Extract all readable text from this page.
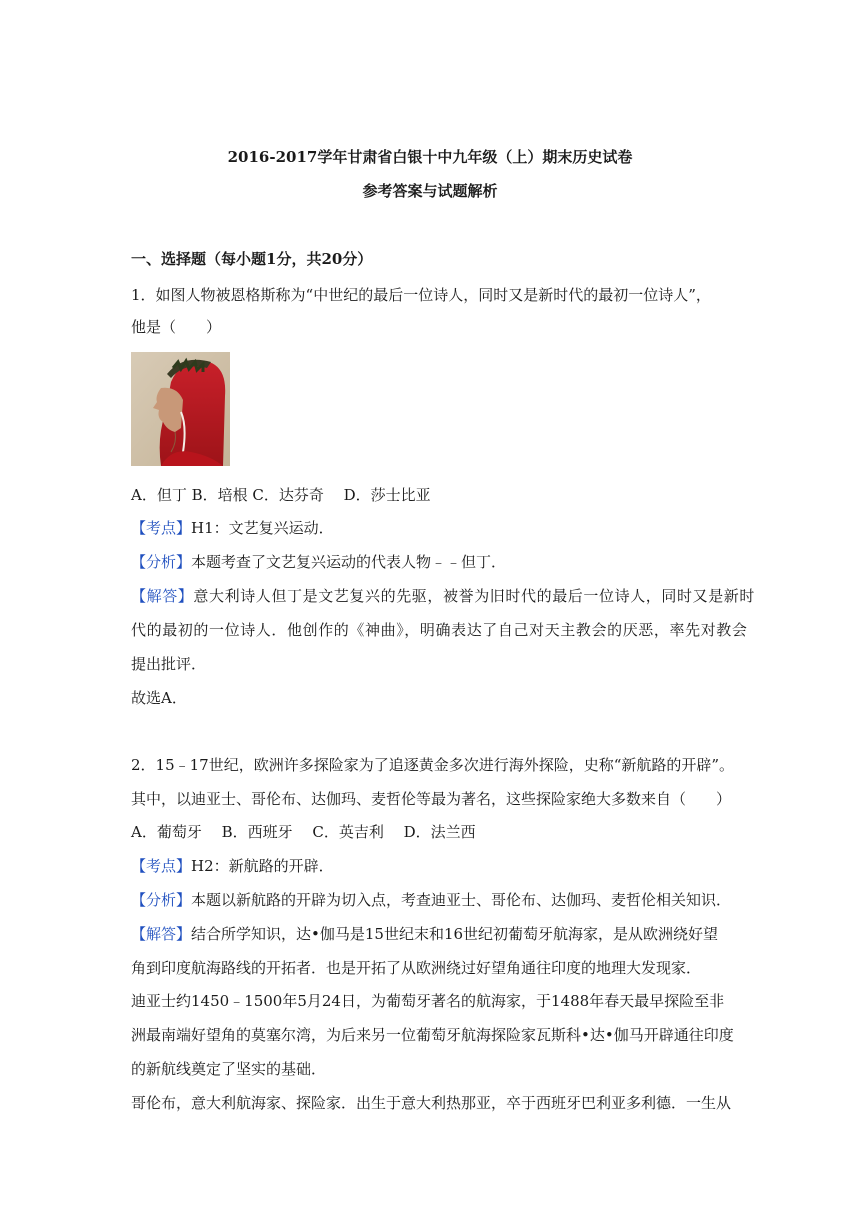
2016-2017学年甘肃省白银十中九年级（上）期末历史试卷
参考答案与试题解析
一、选择题（每小题1分，共20分）
1．如图人物被恩格斯称为“中世纪的最后一位诗人，同时又是新时代的最初一位诗人”，
他是（　　）
A．但丁 B．培根 C．达芬奇　 D．莎士比亚
【考点】H1：文艺复兴运动．
【分析】本题考查了文艺复兴运动的代表人物﹣﹣但丁．
【解答】意大利诗人但丁是文艺复兴的先驱，被誉为旧时代的最后一位诗人，同时又是新时
代的最初的一位诗人．他创作的《神曲》，明确表达了自己对天主教会的厌恶，率先对教会
提出批评．
故选A．
2．15﹣17世纪，欧洲许多探险家为了追逐黄金多次进行海外探险，史称“新航路的开辟”。
其中，以迪亚士、哥伦布、达伽玛、麦哲伦等最为著名，这些探险家绝大多数来自（　　）
A．葡萄牙　 B．西班牙　 C．英吉利　 D．法兰西
【考点】H2：新航路的开辟．
【分析】本题以新航路的开辟为切入点，考查迪亚士、哥伦布、达伽玛、麦哲伦相关知识．
【解答】结合所学知识，达•伽马是15世纪末和16世纪初葡萄牙航海家，是从欧洲绕好望
角到印度航海路线的开拓者．也是开拓了从欧洲绕过好望角通往印度的地理大发现家．
迪亚士约1450﹣1500年5月24日，为葡萄牙著名的航海家，于1488年春天最早探险至非
洲最南端好望角的莫塞尔湾，为后来另一位葡萄牙航海探险家瓦斯科•达•伽马开辟通往印度
的新航线奠定了坚实的基础．
哥伦布，意大利航海家、探险家．出生于意大利热那亚，卒于西班牙巴利亚多利德．一生从
